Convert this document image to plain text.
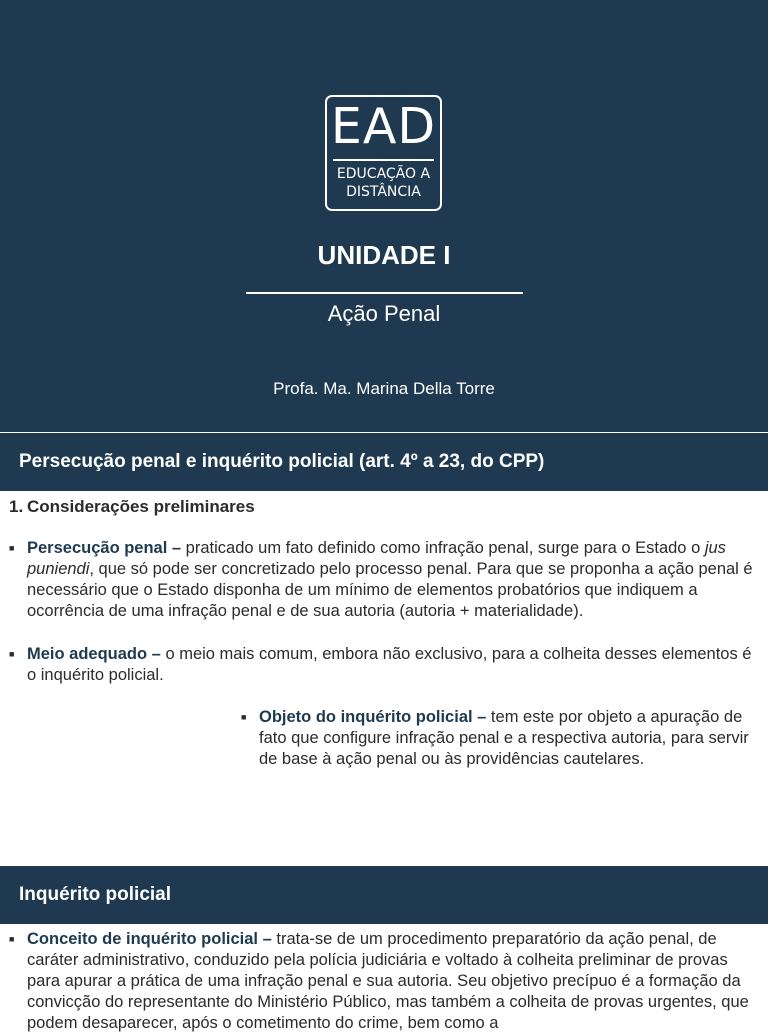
EAD
EDUCAÇÃO A
DISTÂNCIA
UNIDADE I
Ação Penal
Profa. Ma. Marina Della Torre
Persecução penal e inquérito policial (art. 4º a 23, do CPP)
1. Considerações preliminares
■ Persecução penal – praticado um fato definido como infração penal, surge para o Estado o jus puniendi, que só pode ser concretizado pelo processo penal. Para que se proponha a ação penal é necessário que o Estado disponha de um mínimo de elementos probatórios que indiquem a ocorrência de uma infração penal e de sua autoria (autoria + materialidade).
■ Meio adequado – o meio mais comum, embora não exclusivo, para a colheita desses elementos é o inquérito policial.
■ Objeto do inquérito policial – tem este por objeto a apuração de fato que configure infração penal e a respectiva autoria, para servir de base à ação penal ou às providências cautelares.
Inquérito policial
■ Conceito de inquérito policial – trata-se de um procedimento preparatório da ação penal, de caráter administrativo, conduzido pela polícia judiciária e voltado à colheita preliminar de provas para apurar a prática de uma infração penal e sua autoria. Seu objetivo precípuo é a formação da convicção do representante do Ministério Público, mas também a colheita de provas urgentes, que podem desaparecer, após o cometimento do crime, bem como a
